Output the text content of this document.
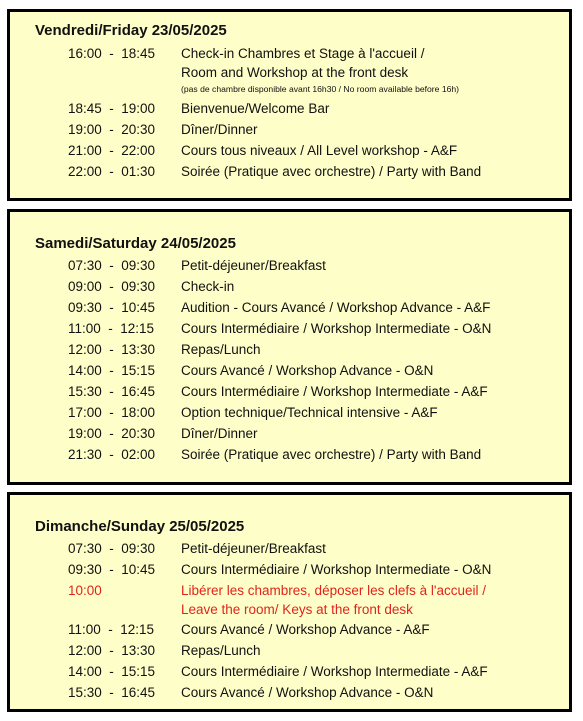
Vendredi/Friday 23/05/2025
16:00  -  18:45	Check-in Chambres et Stage à l'accueil /
Room and Workshop at the front desk
(pas de chambre disponible avant 16h30 / No room available before 16h)
18:45  -  19:00	Bienvenue/Welcome Bar
19:00  -  20:30	Dîner/Dinner
21:00  -  22:00	Cours tous niveaux / All Level workshop - A&F
22:00  -  01:30	Soirée (Pratique avec orchestre) / Party with Band
Samedi/Saturday 24/05/2025
07:30  -  09:30	Petit-déjeuner/Breakfast
09:00  -  09:30	Check-in
09:30  -  10:45	Audition - Cours Avancé / Workshop Advance - A&F
11:00  -  12:15	Cours Intermédiaire / Workshop Intermediate - O&N
12:00  -  13:30	Repas/Lunch
14:00  -  15:15	Cours Avancé / Workshop Advance - O&N
15:30  -  16:45	Cours Intermédiaire / Workshop Intermediate - A&F
17:00  -  18:00	Option technique/Technical intensive - A&F
19:00  -  20:30	Dîner/Dinner
21:30  -  02:00	Soirée (Pratique avec orchestre) / Party with Band
Dimanche/Sunday 25/05/2025
07:30  -  09:30	Petit-déjeuner/Breakfast
09:30  -  10:45	Cours Intermédiaire / Workshop Intermediate - O&N
10:00	Libérer les chambres, déposer les clefs à l'accueil /
Leave the room/ Keys at the front desk
11:00  -  12:15	Cours Avancé / Workshop Advance - A&F
12:00  -  13:30	Repas/Lunch
14:00  -  15:15	Cours Intermédiaire / Workshop Intermediate - A&F
15:30  -  16:45	Cours Avancé / Workshop Advance - O&N
